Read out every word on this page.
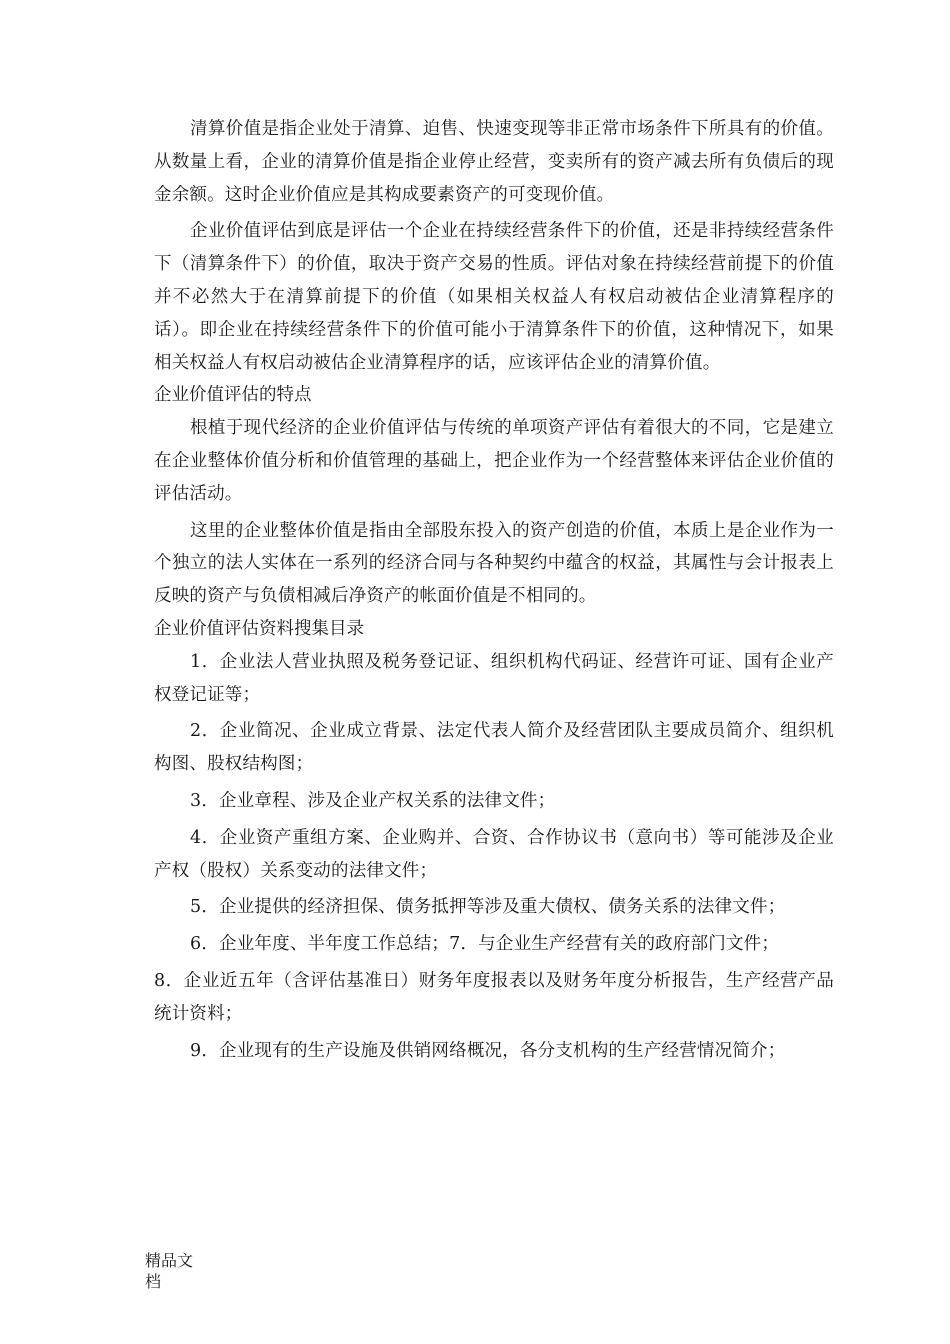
清算价值是指企业处于清算、迫售、快速变现等非正常市场条件下所具有的价值。从数量上看，企业的清算价值是指企业停止经营，变卖所有的资产减去所有负债后的现金余额。这时企业价值应是其构成要素资产的可变现价值。

企业价值评估到底是评估一个企业在持续经营条件下的价值，还是非持续经营条件下（清算条件下）的价值，取决于资产交易的性质。评估对象在持续经营前提下的价值并不必然大于在清算前提下的价值（如果相关权益人有权启动被估企业清算程序的话）。即企业在持续经营条件下的价值可能小于清算条件下的价值，这种情况下，如果相关权益人有权启动被估企业清算程序的话，应该评估企业的清算价值。

企业价值评估的特点

根植于现代经济的企业价值评估与传统的单项资产评估有着很大的不同，它是建立在企业整体价值分析和价值管理的基础上，把企业作为一个经营整体来评估企业价值的评估活动。

这里的企业整体价值是指由全部股东投入的资产创造的价值，本质上是企业作为一个独立的法人实体在一系列的经济合同与各种契约中蕴含的权益，其属性与会计报表上反映的资产与负债相减后净资产的帐面价值是不相同的。

企业价值评估资料搜集目录

1．企业法人营业执照及税务登记证、组织机构代码证、经营许可证、国有企业产权登记证等；

2．企业简况、企业成立背景、法定代表人简介及经营团队主要成员简介、组织机构图、股权结构图；

3．企业章程、涉及企业产权关系的法律文件；

4．企业资产重组方案、企业购并、合资、合作协议书（意向书）等可能涉及企业产权（股权）关系变动的法律文件；

5．企业提供的经济担保、债务抵押等涉及重大债权、债务关系的法律文件；

6．企业年度、半年度工作总结；7．与企业生产经营有关的政府部门文件；

8．企业近五年（含评估基准日）财务年度报表以及财务年度分析报告，生产经营产品统计资料；

9．企业现有的生产设施及供销网络概况，各分支机构的生产经营情况简介；

精品文
档
